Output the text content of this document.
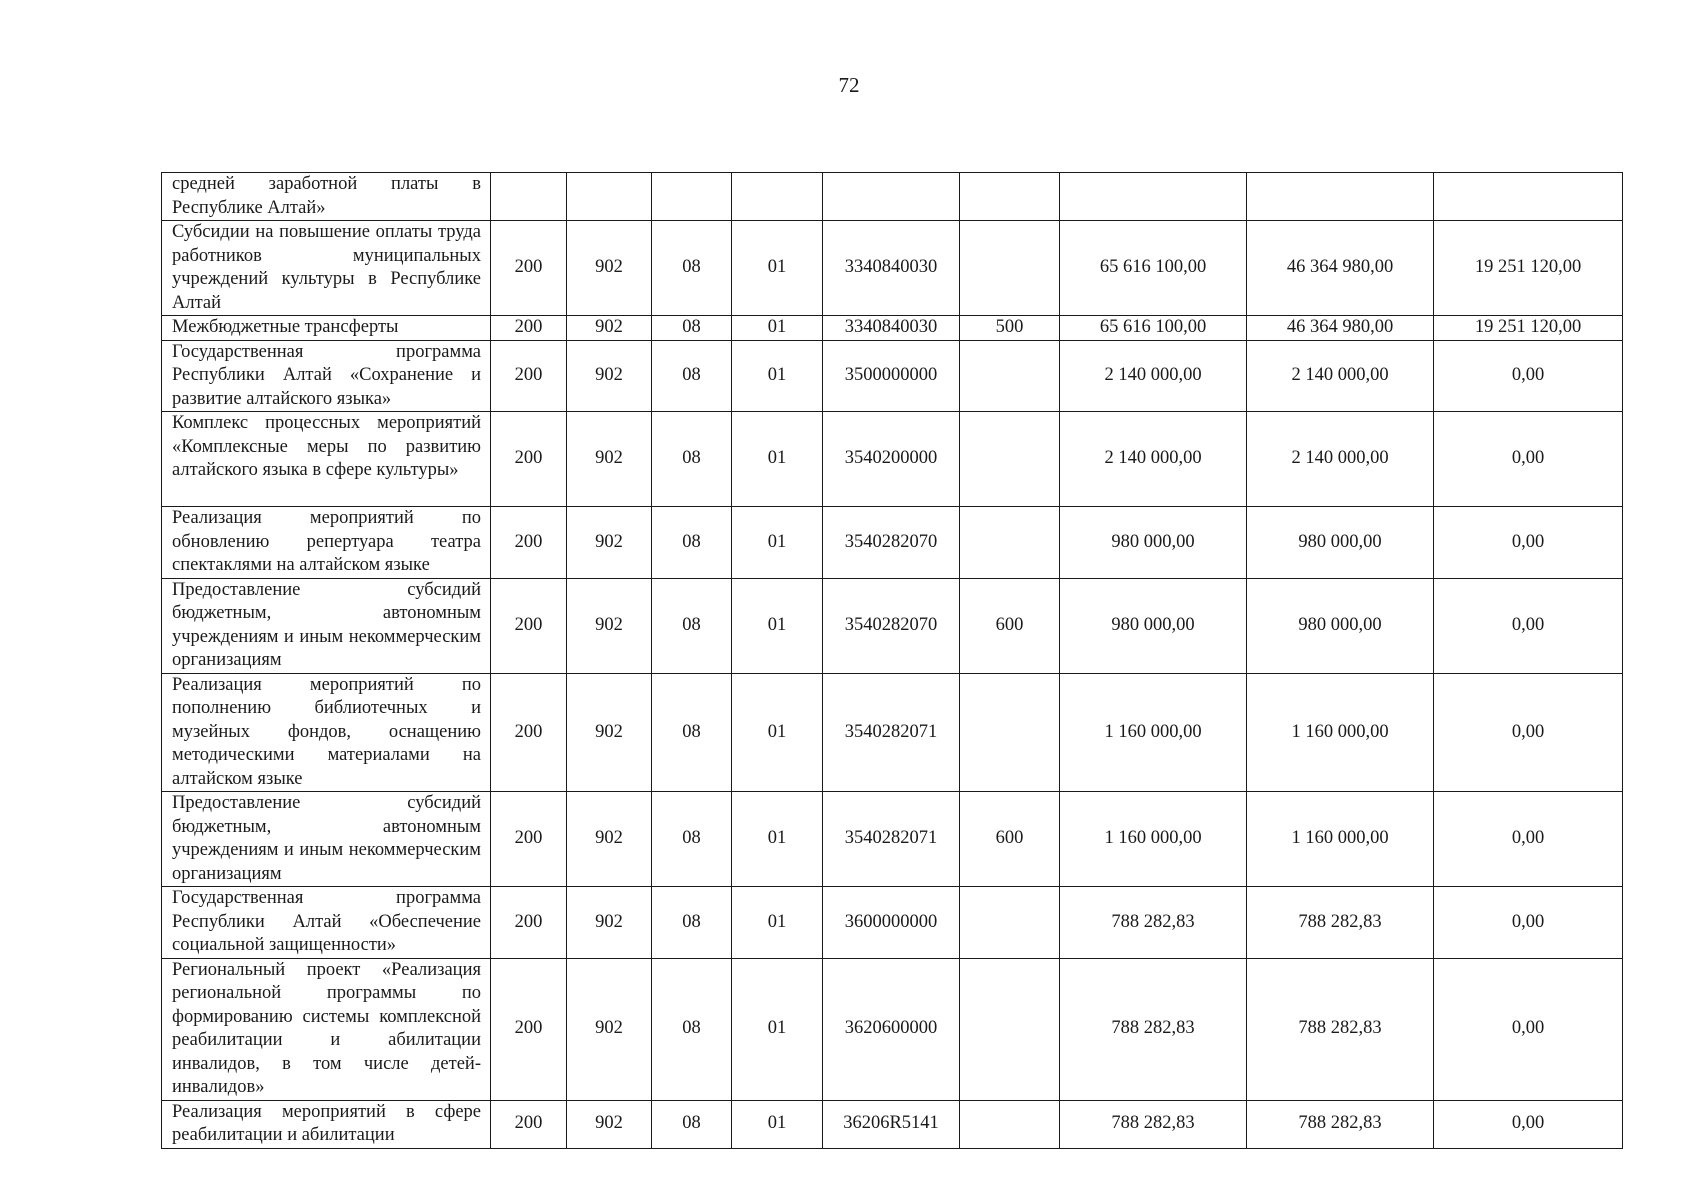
72
средней заработной платы в Республике Алтай»									
Субсидии на повышение оплаты труда работников муниципальных учреждений культуры в Республике Алтай	200	902	08	01	3340840030		65 616 100,00	46 364 980,00	19 251 120,00
Межбюджетные трансферты	200	902	08	01	3340840030	500	65 616 100,00	46 364 980,00	19 251 120,00
Государственная программа Республики Алтай «Сохранение и развитие алтайского языка»	200	902	08	01	3500000000		2 140 000,00	2 140 000,00	0,00
Комплекс процессных мероприятий «Комплексные меры по развитию алтайского языка в сфере культуры»	200	902	08	01	3540200000		2 140 000,00	2 140 000,00	0,00
Реализация мероприятий по обновлению репертуара театра спектаклями на алтайском языке	200	902	08	01	3540282070		980 000,00	980 000,00	0,00
Предоставление субсидий бюджетным, автономным учреждениям и иным некоммерческим организациям	200	902	08	01	3540282070	600	980 000,00	980 000,00	0,00
Реализация мероприятий по пополнению библиотечных и музейных фондов, оснащению методическими материалами на алтайском языке	200	902	08	01	3540282071		1 160 000,00	1 160 000,00	0,00
Предоставление субсидий бюджетным, автономным учреждениям и иным некоммерческим организациям	200	902	08	01	3540282071	600	1 160 000,00	1 160 000,00	0,00
Государственная программа Республики Алтай «Обеспечение социальной защищенности»	200	902	08	01	3600000000		788 282,83	788 282,83	0,00
Региональный проект «Реализация региональной программы по формированию системы комплексной реабилитации и абилитации инвалидов, в том числе детей-инвалидов»	200	902	08	01	3620600000		788 282,83	788 282,83	0,00
Реализация мероприятий в сфере реабилитации и абилитации	200	902	08	01	36206R5141		788 282,83	788 282,83	0,00
